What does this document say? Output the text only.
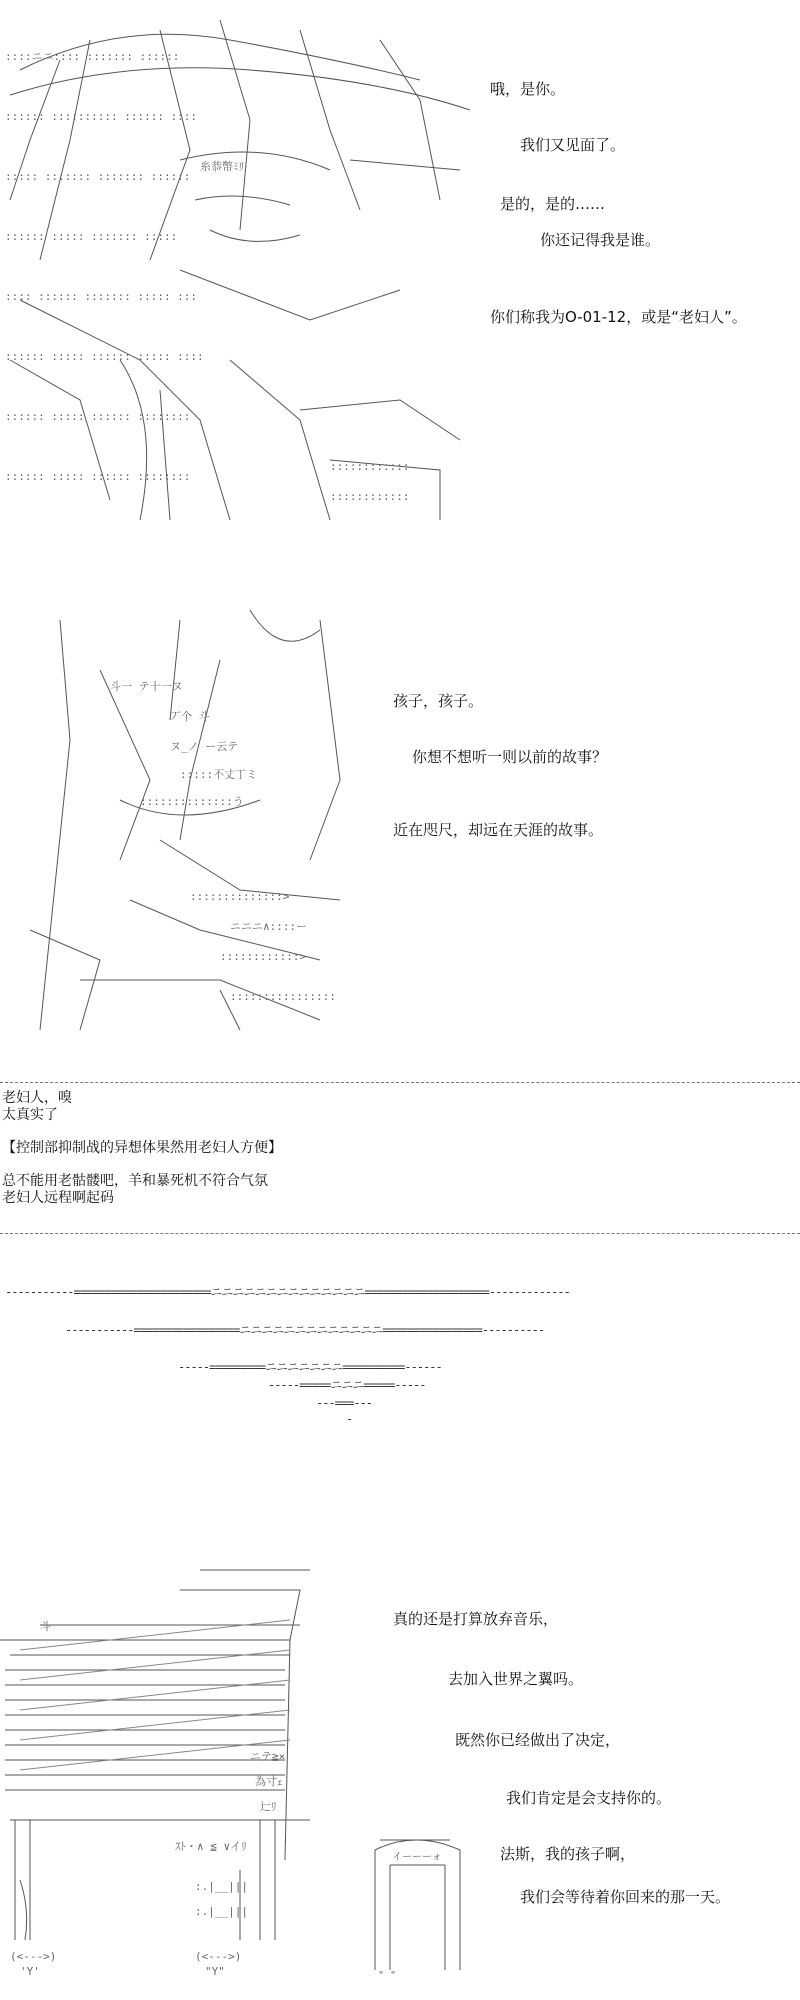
::::ニニ:::: ::::::: ::::::
:::::: :::::::::: :::::: ::::
::::: ::::::: ::::::: ::::::
:::::: ::::: ::::::: :::::
:::: :::::: ::::::: ::::: :::
:::::: ::::: :::::: ::::: ::::
:::::: ::::: :::::: ::::::::
:::::: ::::: :::::: ::::::::
糸恭幣ﾐﾘ
::::::::::::
::::::::::::
哦，是你。
我们又见面了。
是的，是的……
你还记得我是谁。
你们称我为O-01-12，或是“老妇人”。
斗一 テ十一ヌ
丆个 斗
ヌ_ノ ー云テ
:::::不丈丁ミ
::::::::::::::う
::::::::::::::>
ニニニ∧::::ー
::::::::::::>
::::::::::::::::
孩子，孩子。
你想不想听一则以前的故事？
近在咫尺，却远在天涯的故事。
老妇人，嗅
太真实了
【控制部抑制战的异想体果然用老妇人方便】
总不能用老骷髅吧，羊和暴死机不符合气氛
老妇人远程啊起码
-----------======================ニニニニニニニニニニニニニニ====================-------------
-----------=================ニニニニニニニニニニニニニ================----------
-----=========ニニニニニニニ==========------
-----=====ニニニ=====-----
---===---
-
斗
ニテ≧×
為寸ｪ
辷ﾘ
ｽﾄ・∧ ≦ ∨イﾘ
:.|__|||
:.|__|||
(<--->)	(<--->)
'Y'	"Y"
イーーーォ
" "
真的还是打算放弃音乐，
去加入世界之翼吗。
既然你已经做出了决定，
我们肯定是会支持你的。
法斯，我的孩子啊，
我们会等待着你回来的那一天。
